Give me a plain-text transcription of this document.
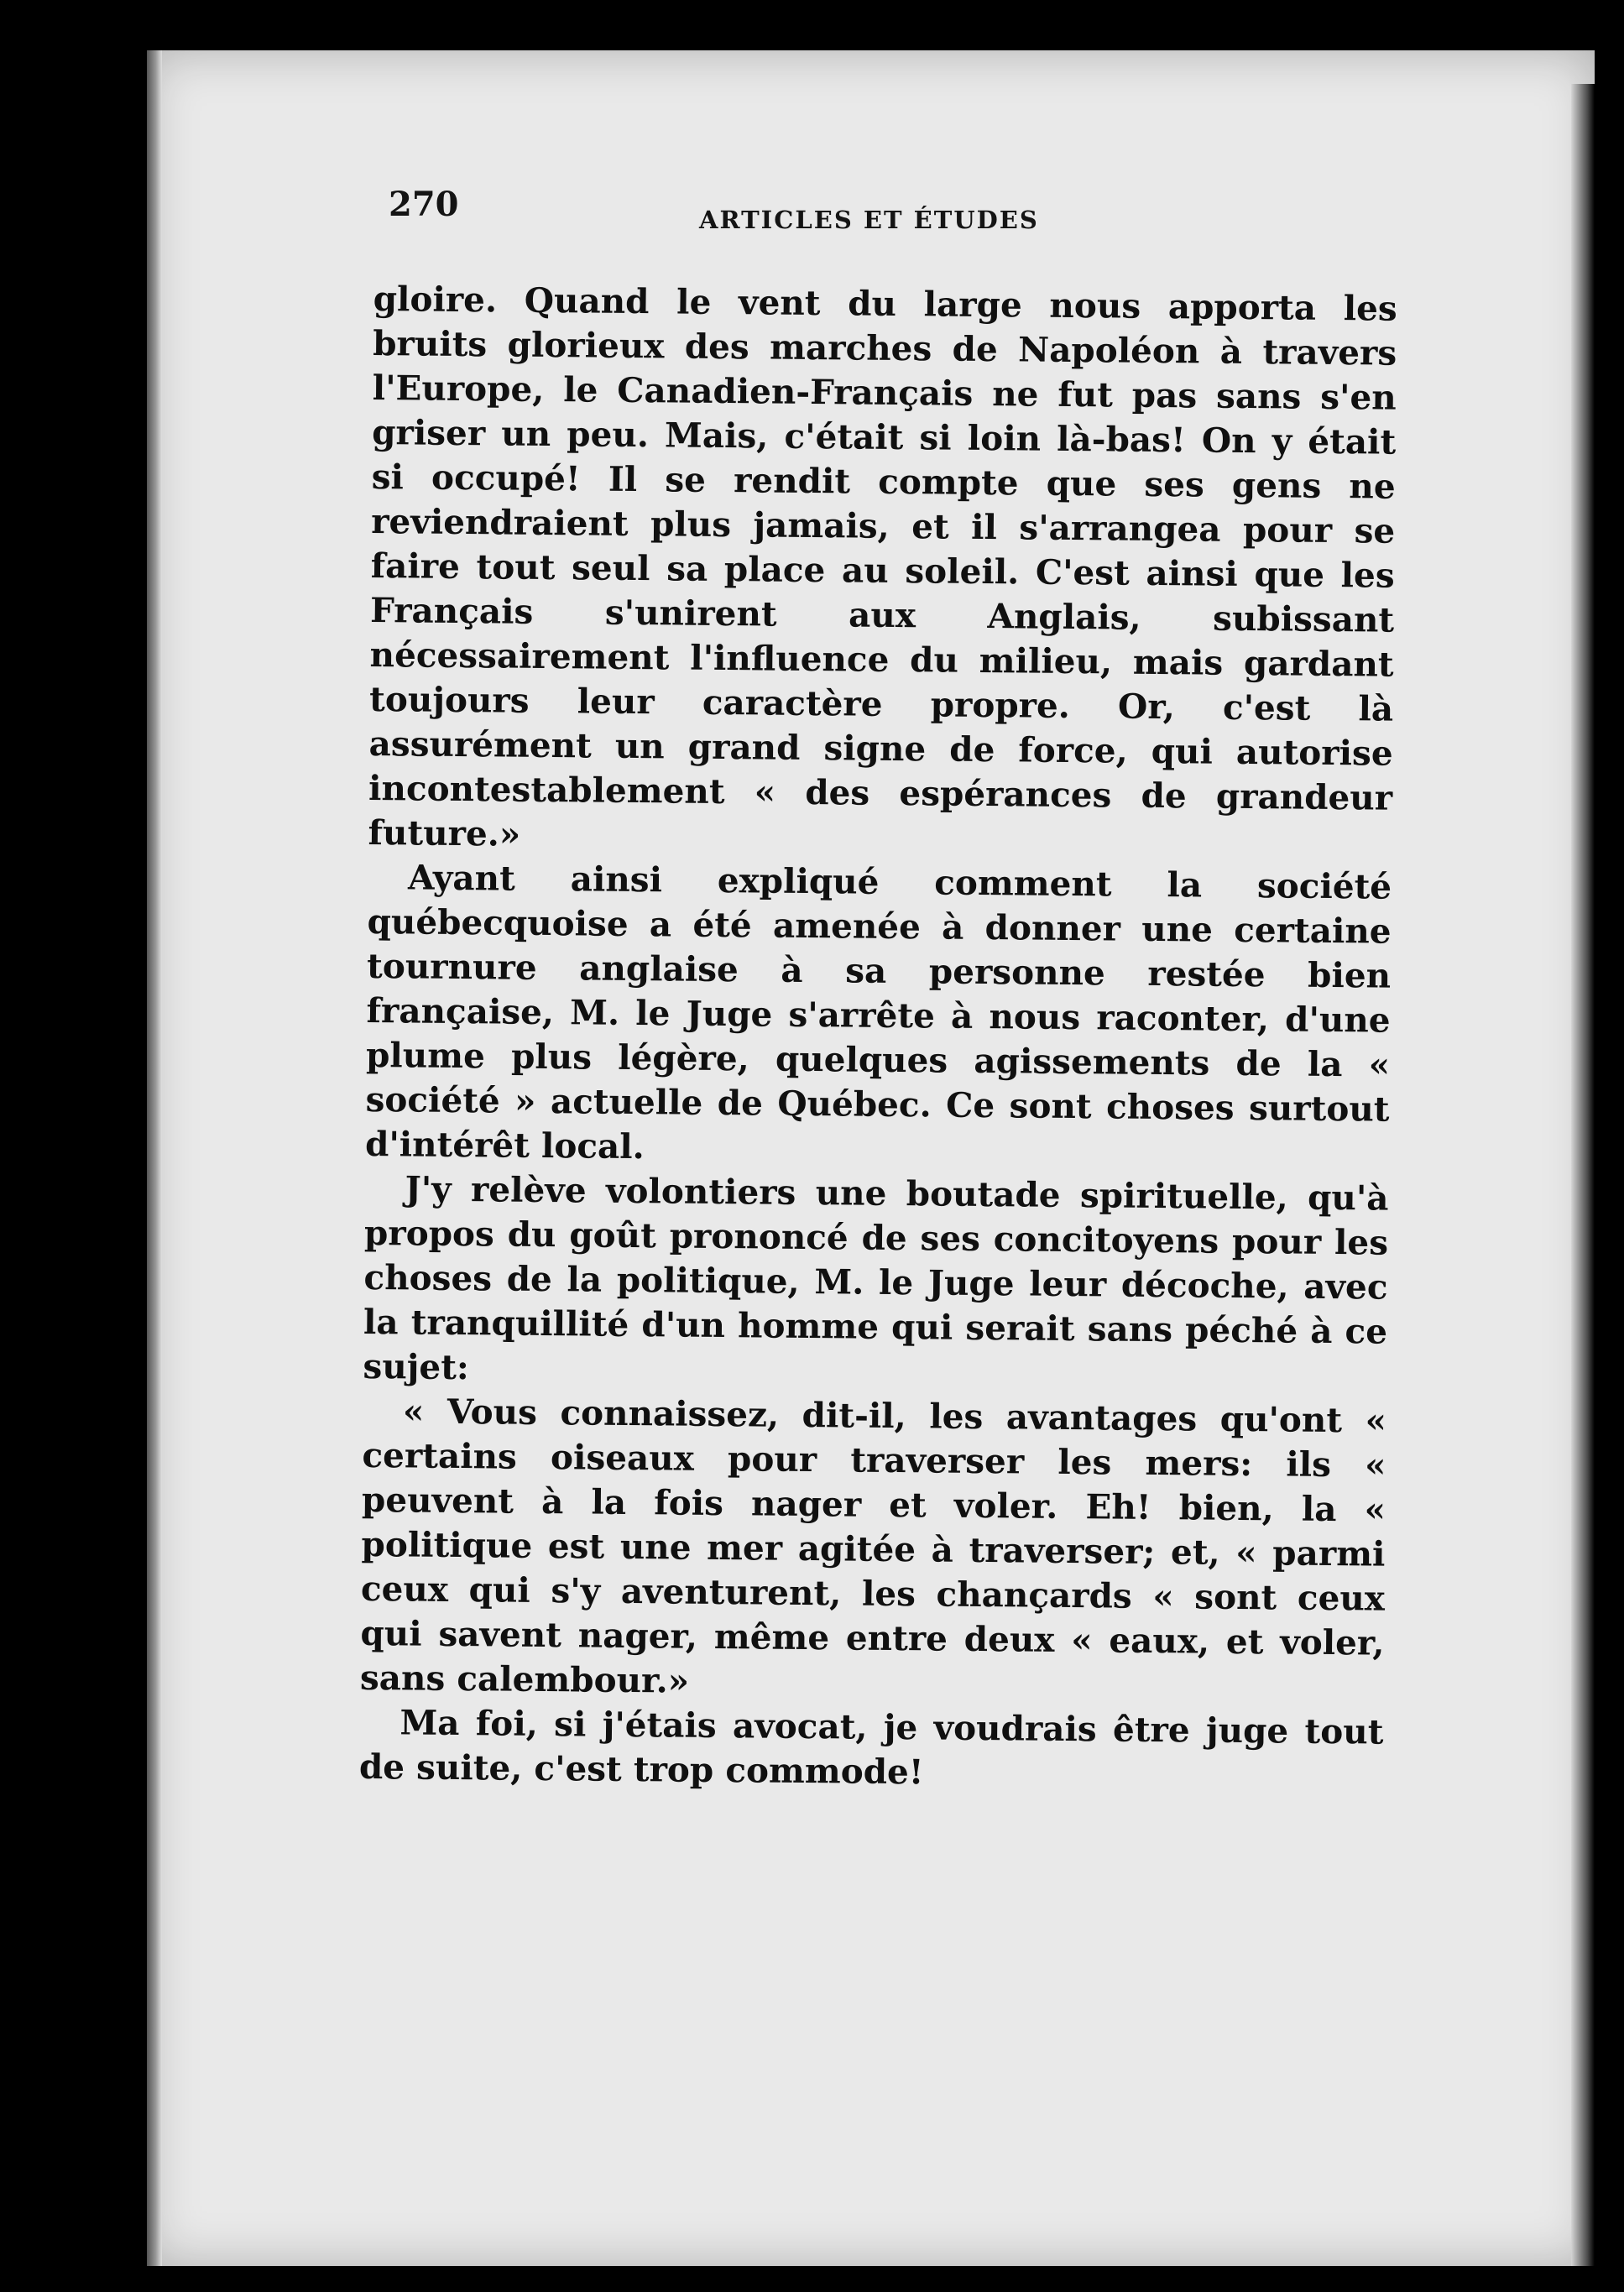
270	ARTICLES ET ÉTUDES

gloire. Quand le vent du large nous apporta les bruits glorieux des marches de Napoléon à travers l'Europe, le Canadien-Français ne fut pas sans s'en griser un peu. Mais, c'était si loin là-bas! On y était si occupé! Il se rendit compte que ses gens ne reviendraient plus jamais, et il s'arrangea pour se faire tout seul sa place au soleil. C'est ainsi que les Français s'unirent aux Anglais, subissant nécessairement l'influence du milieu, mais gardant toujours leur caractère propre. Or, c'est là assurément un grand signe de force, qui autorise incontestablement « des espérances de grandeur future.»

Ayant ainsi expliqué comment la société québecquoise a été amenée à donner une certaine tournure anglaise à sa personne restée bien française, M. le Juge s'arrête à nous raconter, d'une plume plus légère, quelques agissements de la « société » actuelle de Québec. Ce sont choses surtout d'intérêt local.

J'y relève volontiers une boutade spirituelle, qu'à propos du goût prononcé de ses concitoyens pour les choses de la politique, M. le Juge leur décoche, avec la tranquillité d'un homme qui serait sans péché à ce sujet:

« Vous connaissez, dit-il, les avantages qu'ont « certains oiseaux pour traverser les mers: ils « peuvent à la fois nager et voler. Eh! bien, la « politique est une mer agitée à traverser; et, « parmi ceux qui s'y aventurent, les chançards « sont ceux qui savent nager, même entre deux « eaux, et voler, sans calembour.»

Ma foi, si j'étais avocat, je voudrais être juge tout de suite, c'est trop commode!
